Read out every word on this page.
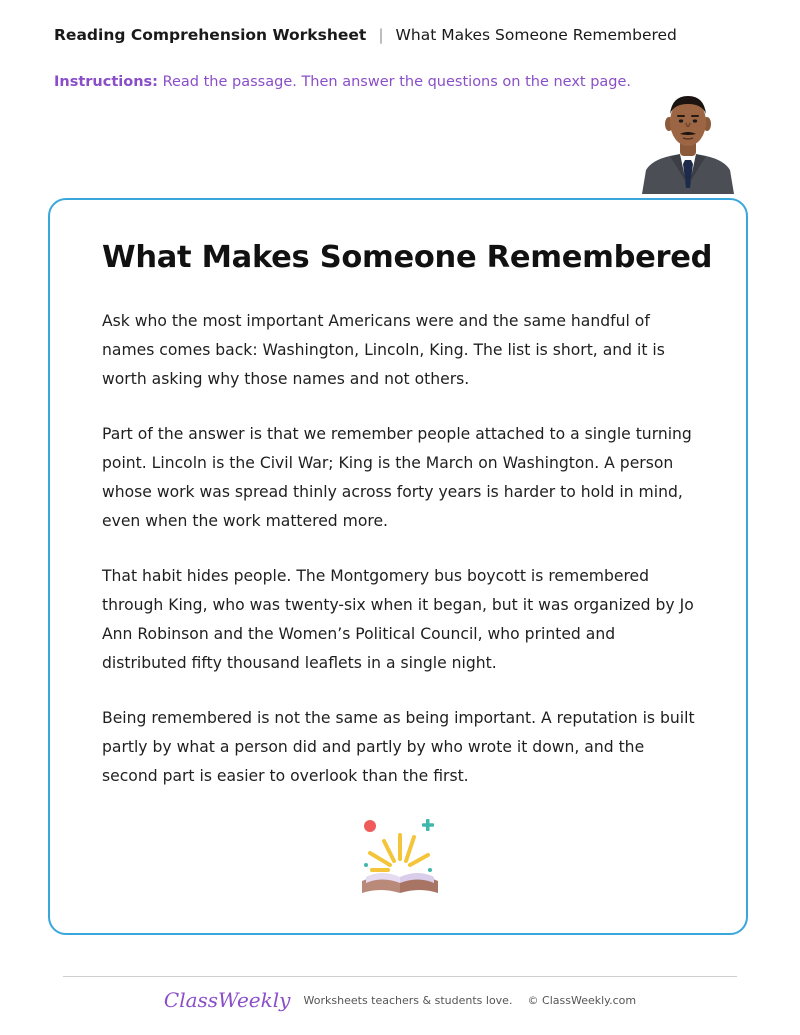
Reading Comprehension Worksheet | What Makes Someone Remembered
Instructions: Read the passage. Then answer the questions on the next page.
What Makes Someone Remembered

Ask who the most important Americans were and the same handful of names comes back: Washington, Lincoln, King. The list is short, and it is worth asking why those names and not others.

Part of the answer is that we remember people attached to a single turning point. Lincoln is the Civil War; King is the March on Washington. A person whose work was spread thinly across forty years is harder to hold in mind, even when the work mattered more.

That habit hides people. The Montgomery bus boycott is remembered through King, who was twenty-six when it began, but it was organized by Jo Ann Robinson and the Women’s Political Council, who printed and distributed fifty thousand leaflets in a single night.

Being remembered is not the same as being important. A reputation is built partly by what a person did and partly by who wrote it down, and the second part is easier to overlook than the first.

ClassWeekly Worksheets teachers & students love. © ClassWeekly.com
